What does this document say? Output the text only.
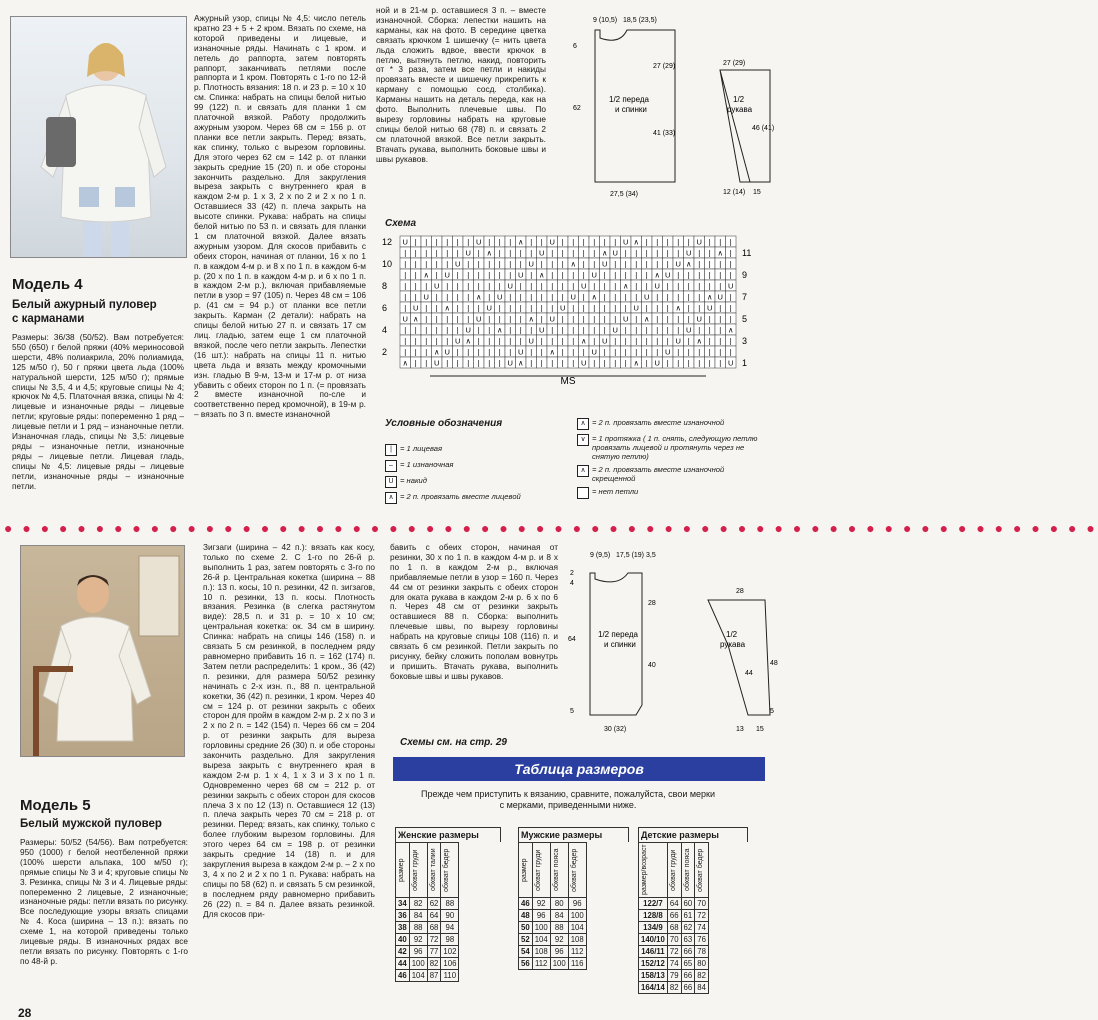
Модель 4
Белый ажурный пуловер
с карманами
Размеры: 36/38 (50/52). Вам потребуется: 550 (650) г белой пряжи (40% мериносовой шерсти, 48% полиакрила, 20% полиамида, 125 м/50 г), 50 г пряжи цвета льда (100% натуральной шерсти, 125 м/50 г); прямые спицы № 3,5, 4 и 4,5; круговые спицы № 4; крючок № 4,5. Платочная вязка, спицы № 4: лицевые и изнаночные ряды – лицевые петли; круговые ряды: попеременно 1 ряд – лицевые петли и 1 ряд – изнаночные петли. Изнаночная гладь, спицы № 3,5: лицевые ряды – изнаночные петли, изнаночные ряды – лицевые петли. Лицевая гладь, спицы № 4,5: лицевые ряды – лицевые петли, изнаночные ряды – изнаночные петли.
Ажурный узор, спицы № 4,5: число петель кратно 23 + 5 + 2 кром. Вязать по схеме, на которой приведены и лицевые, и изнаночные ряды. Начинать с 1 кром. и петель до раппорта, затем повторять раппорт, заканчивать петлями после раппорта и 1 кром. Повторять с 1-го по 12-й р. Плотность вязания: 18 п. и 23 р. = 10 х 10 см. Спинка: набрать на спицы белой нитью 99 (122) п. и связать для планки 1 см платочной вязкой. Работу продолжить ажурным узором. Через 68 см = 156 р. от планки все петли закрыть. Перед: вязать, как спинку, только с вырезом горловины. Для этого через 62 см = 142 р. от планки закрыть средние 15 (20) п. и обе стороны закончить раздельно. Для закругления выреза закрыть с внутреннего края в каждом 2-м р. 1 х 3, 2 х по 2 и 2 х по 1 п. Оставшиеся 33 (42) п. плеча закрыть на высоте спинки. Рукава: набрать на спицы белой нитью по 53 п. и связать для планки 1 см платочной вязкой. Далее вязать ажурным узором. Для скосов прибавить с обеих сторон, начиная от планки, 16 х по 1 п. в каждом 4-м р. и 8 х по 1 п. в каждом 6-м р. (20 х по 1 п. в каждом 4-м р. и 6 х по 1 п. в каждом 2-м р.), включая прибавляемые петли в узор = 97 (105) п. Через 48 см = 106 р. (41 см = 94 р.) от планки все петли закрыть. Карман (2 детали): набрать на спицы белой нитью 27 п. и связать 17 см лиц. гладью, затем еще 1 см платочной вязкой, после чего петли закрыть. Лепестки (16 шт.): набрать на спицы 11 п. нитью цвета льда и вязать между кромочными изн. гладью В 9-м, 13-м и 17-м р. от низа убавить с обеих сторон по 1 п. (= провязать 2 вместе изнаночной по-сле и соответственно перед кромочной), в 19-м р. – вязать по 3 п. вместе изнаночной
ной и в 21-м р. оставшиеся 3 п. – вместе изнаночной. Сборка: лепестки нашить на карманы, как на фото. В середине цветка связать крючком 1 шишечку (= нить цвета льда сложить вдвое, ввести крючок в петлю, вытянуть петлю, накид, повторить от * 3 раза, затем все петли и накиды провязать вместе и шишечку прикрепить к карману с помощью сосд. столбика). Карманы нашить на деталь переда, как на фото. Выполнить плечевые швы. По вырезу горловины набрать на круговые спицы белой нитью 68 (78) п. и связать 2 см платочной вязкой. Все петли закрыть. Втачать рукава, выполнить боковые швы и швы рукавов.
1/2 переда
и спинки
1/2
рукава
9 (10,5) 18,5 (23,5)
6
27 (29)
62
41 (33)
27,5 (34)
27 (29)
46 (41)
12 (14) 15
Схема
U | | | | | | U | | | ∧ | | U | | | | | | U ∧ | | | | | U | | |
| | | | | | U | ∧ | | | | U | | | | | ∧ U | | | | | | U | | ∧ |
| | | | | U | | | | | | U | | | ∧ | | U | | | | | | U ∧ | | | |
| | ∧ | U | | | | | | U | ∧ | | | | U | | | | | ∧ U | | | | | |
| | | U | | | | | | U | | | | | | U | | | ∧ | | U | | | | | | U
| | U | | | | ∧ | U | | | | | | U | ∧ | | | | U | | | | | ∧ U |
| U | | ∧ | | | U | | | | | | U | | | | | | U | | | ∧ | | U | |
U ∧ | | | | | U | | | | ∧ | U | | | | | | U | ∧ | | | | U | | |
| | | | | | U | | ∧ | | | U | | | | | | U | | | | | | U | | | ∧
| | | | | U ∧ | | | | | U | | | | ∧ | U | | | | | | U | ∧ | | |
| | | ∧ U | | | | | | U | | ∧ | | | U | | | | | | U | | | | | |
∧ | | U | | | | | | U ∧ | | | | | U | | | | ∧ | U | | | | | | U
12
10
8
6
4
2
11
9
7
5
3
1
MS
Условные обозначения
|	= 1 лицевая
– = 1 изнаночная
U = накид
∧ = 2 п. провязать вместе лицевой
∧ = 2 п. провязать вместе изнаночной
∨ = 1 протяжка ( 1 п. снять, следующую петлю провязать лицевой и протянуть через не снятую петлю)
∧ = 2 п. провязать вместе изнаночной скрещенной
= нет петли
● ● ● ● ● ● ● ● ● ● ● ● ● ● ● ● ● ● ● ● ● ● ● ● ● ● ● ● ● ● ● ● ● ● ● ● ● ● ● ● ● ● ● ● ● ● ● ● ● ● ● ● ● ● ● ● ● ● ● ●
Модель 5
Белый мужской пуловер
Размеры: 50/52 (54/56). Вам потребуется: 950 (1000) г белой неотбеленной пряжи (100% шерсти альпака, 100 м/50 г); прямые спицы № 3 и 4; круговые спицы № 3. Резинка, спицы № 3 и 4. Лицевые ряды: попеременно 2 лицевые, 2 изнаночные; изнаночные ряды: петли вязать по рисунку. Все последующие узоры вязать спицами № 4. Коса (ширина – 13 п.): вязать по схеме 1, на которой приведены только лицевые ряды. В изнаночных рядах все петли вязать по рисунку. Повторять с 1-го по 48-й р.
Зигзаги (ширина – 42 п.): вязать как косу, только по схеме 2. С 1-го по 26-й р. выполнить 1 раз, затем повторять с 3-го по 26-й р. Центральная кокетка (ширина – 88 п.): 13 п. косы, 10 п. резинки, 42 п. зигзагов, 10 п. резинки, 13 п. косы. Плотность вязания. Резинка (в слегка растянутом виде): 28,5 п. и 31 р. = 10 х 10 см; центральная кокетка: ок. 34 см в ширину. Спинка: набрать на спицы 146 (158) п. и связать 5 см резинкой, в последнем ряду равномерно прибавить 16 п. = 162 (174) п. Затем петли распределить: 1 кром., 36 (42) п. резинки, для размера 50/52 резинку начинать с 2-х изн. п., 88 п. центральной кокетки, 36 (42) п. резинки, 1 кром. Через 40 см = 124 р. от резинки закрыть с обеих сторон для пройм в каждом 2-м р. 2 х по 3 и 2 х по 2 п. = 142 (154) п. Через 66 см = 204 р. от резинки закрыть для выреза горловины средние 26 (30) п. и обе стороны закончить раздельно. Для закругления выреза закрыть с внутреннего края в каждом 2-м р. 1 х 4, 1 х 3 и 3 х по 1 п. Одновременно через 68 см = 212 р. от резинки закрыть с обеих сторон для скосов плеча 3 х по 12 (13) п. Оставшиеся 12 (13) п. плеча закрыть через 70 см = 218 р. от резинки. Перед: вязать, как спинку, только с более глубоким вырезом горловины. Для этого через 64 см = 198 р. от резинки закрыть средние 14 (18) п. и для закругления выреза в каждом 2-м р. – 2 х по 3, 4 х по 2 и 2 х по 1 п. Рукава: набрать на спицы по 58 (62) п. и связать 5 см резинкой, в последнем ряду равномерно прибавить 26 (22) п. = 84 п. Далее вязать резинкой. Для скосов при-
бавить с обеих сторон, начиная от резинки, 30 х по 1 п. в каждом 4-м р. и 8 х по 1 п. в каждом 2-м р., включая прибавляемые петли в узор = 160 п. Через 44 см от резинки закрыть с обеих сторон для оката рукава в каждом 2-м р. 6 х по 6 п. Через 48 см от резинки закрыть оставшиеся 88 п. Сборка: выполнить плечевые швы, по вырезу горловины набрать на круговые спицы 108 (116) п. и связать 6 см резинкой. Петли закрыть по рисунку, бейку сложить пополам вовнутрь и пришить. Втачать рукава, выполнить боковые швы и швы рукавов.
1/2 переда
и спинки
1/2
рукава
9 (9,5) 17,5 (19) 3,5
2
4
28
64
40
5
30 (32)
28
48
44
13 15
5
Схемы см. на стр. 29
Таблица размеров
Прежде чем приступить к вязанию, сравните, пожалуйста, свои мерки с мерками, приведенными ниже.
Женские размеры
размер	обхват груди	обхват талии	обхват бедер

34	82	62	88
36	84	64	90
38	88	68	94
40	92	72	98
42	96	77	102
44	100	82	106
46	104	87	110
Мужские размеры
размер	обхват груди	обхват пояса	обхват бедер

46	92	80	96
48	96	84	100
50	100	88	104
52	104	92	108
54	108	96	112
56	112	100	116
Детские размеры
размер/возраст	обхват груди	обхват пояса	обхват бедер

122/7	64	60	70
128/8	66	61	72
134/9	68	62	74
140/10	70	63	76
146/11	72	66	78
152/12	74	65	80
158/13	79	66	82
164/14	82	66	84
28
